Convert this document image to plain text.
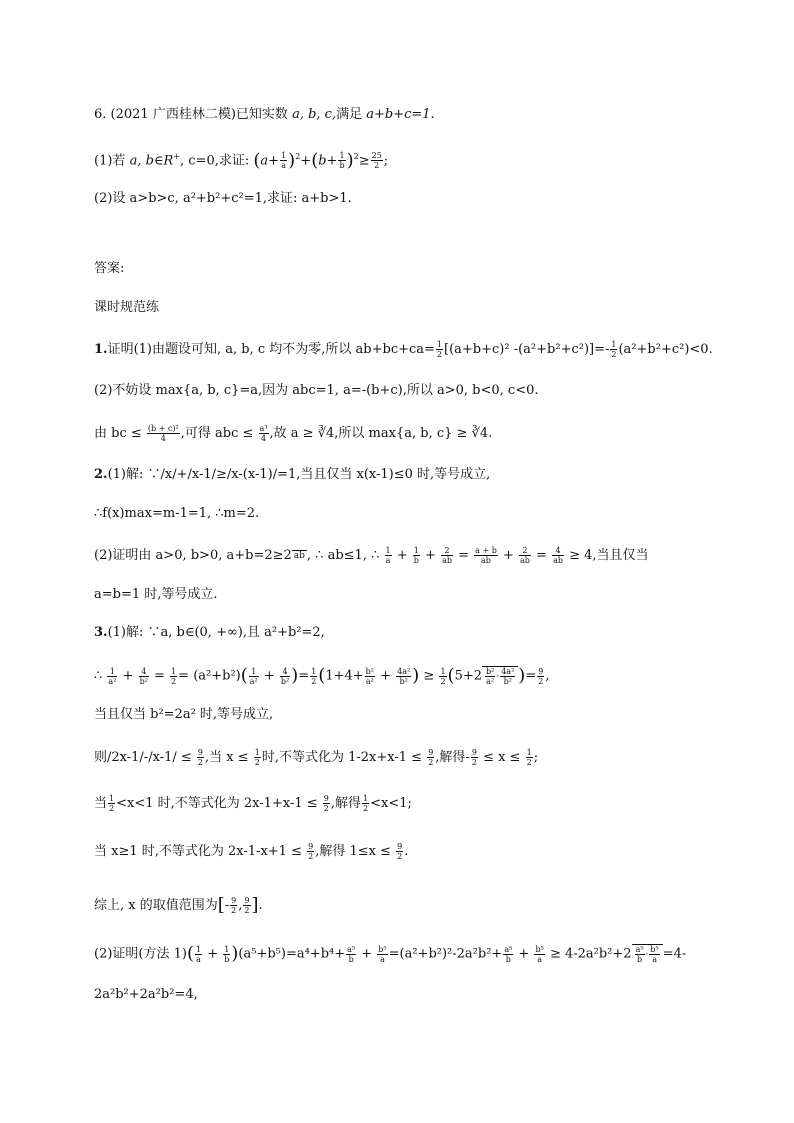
6. (2021 广西桂林二模)已知实数 a, b, c,满足 a+b+c=1.
(1)若 a, b∈R+, c=0,求证: $(a+ \frac{1}{a} )^2+(b+ \frac{1}{b} )^2\ge \frac{25}{2}$ ;
(2)设 a>b>c, a²+b²+c²=1,求证: a+b>1.
答案:
课时规范练
1.证明(1)由题设可知, a, b, c 均不为零,所以 $ab+bc+ca= \frac{1}{2} [(a+b+c)^2$ $-(a^2+b^2+c^2)]=- \frac{1}{2} (a^2+b^2+c^2)<0$.
(2)不妨设 max{a, b, c}=a,因为 abc=1, a=-(b+c),所以 a>0, b<0, c<0.
由 bc ≤ $\frac{\text{(b + c)²}}{4}$ ,可得 abc ≤ $\frac{\text{a³}}{4}$ ,故 a ≥ ∛4,所以 max{a, b, c} ≥ ∛4.
2.(1)解: ∵/x/+/x-1/≥/x-(x-1)/=1,当且仅当 x(x-1)≤0 时,等号成立,
∴f(x)max=m-1=1, ∴m=2.
(2)证明由 a>0, b>0, a+b=2≥2 ab , ∴ ab≤1, ∴ $\frac{1}{a} + \frac{1}{b} + \frac{2}{ab} = \frac{a + b}{ab} + \frac{2}{ab} = \frac{4}{ab} \ge 4$,当且仅当
a=b=1 时,等号成立.
3.(1)解: ∵a, b∈(0, +∞),且 a²+b²=2,
∴ $\frac{1}{\text{a²}} + \frac{4}{\text{b²}} = \frac{1}{2} = (a^2+b^2)( \frac{1}{\text{a²}} + \frac{4}{\text{b²}}$ )= $\frac{1}{2} (1+4+ \frac{\text{b²}}{\text{a²}} + \frac{\text{4a²}}{\text{b²}}$ ) ≥ $\frac{1}{2} (5+2 \frac{\text{b²}}{\text{a²}} \cdot \frac{\text{4a²}}{\text{b²}}$ )= $\frac{9}{2}$ ,
当且仅当 b²=2a² 时,等号成立,
则$/2x-1/-/x-1/ \le \frac{9}{2}$ ,当 $x \le \frac{1}{2}$ 时,不等式化为 $1-2x+x-1 \le \frac{9}{2}$ ,解得- $\frac{9}{2} \le x \le \frac{1}{2}$ ;
当 $\frac{1}{2} <x<1$ 时,不等式化为 $2x-1+x-1 \le \frac{9}{2}$ ,解得 $\frac{1}{2} <x<1$;
当 x≥1 时,不等式化为 $2x-1-x+1 \le \frac{9}{2}$ ,解得 $1\le x \le \frac{9}{2}$ .
综上, x 的取值范围为[- $\frac{9}{2}$ , $\frac{9}{2}$ ].
(2)证明(方法 $1)( \frac{1}{a} + \frac{1}{b} )(a^5+b^5)=a^4+b^4+ \frac{\text{a⁵}}{b} + \frac{\text{b⁵}}{a} =(a^2+b^2)^2-2a^2b^2+ \frac{\text{a⁵}}{b} + \frac{\text{b⁵}}{a} \ge 4-2a^2b^2+2 \frac{\text{a⁵}}{b} \cdot \frac{\text{b⁵}}{a} =4-$
2a²b²+2a²b²=4,
